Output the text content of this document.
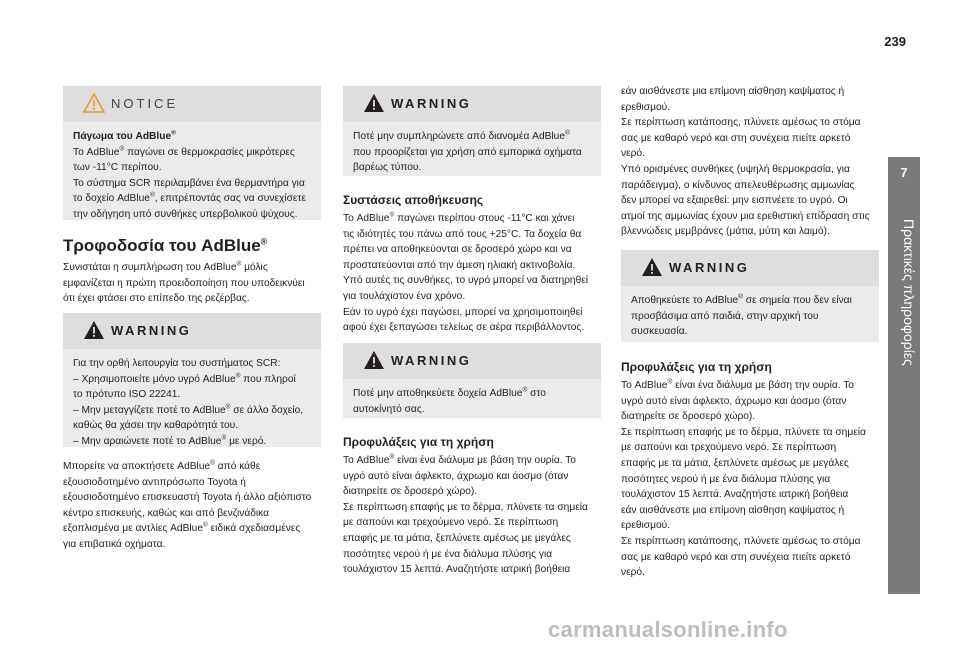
239
7
Πρακτικές πληροφορίες
NOTICE

Πάγωμα του AdBlue®

Το AdBlue® παγώνει σε θερμοκρασίες μικρότερες
των -11°C περίπου.
Το σύστημα SCR περιλαμβάνει ένα θερμαντήρα για
το δοχείο AdBlue®, επιτρέποντάς σας να συνεχίσετε
την οδήγηση υπό συνθήκες υπερβολικού ψύχους.

Τροφοδοσία του AdBlue®

Συνιστάται η συμπλήρωση του AdBlue® μόλις
εμφανίζεται η πρώτη προειδοποίηση που υποδεικνύει
ότι έχει φτάσει στο επίπεδο της ρεζέρβας.

WARNING

Για την ορθή λειτουργία του συστήματος SCR:
– Χρησιμοποιείτε μόνο υγρό AdBlue® που πληροί
το πρότυπο ISO 22241.
– Μην μεταγγίζετε ποτέ το AdBlue® σε άλλο δοχείο,
καθώς θα χάσει την καθαρότητά του.
– Μην αραιώνετε ποτέ το AdBlue® με νερό.

Μπορείτε να αποκτήσετε AdBlue® από κάθε
εξουσιοδοτημένο αντιπρόσωπο Toyota ή
εξουσιοδοτημένο επισκευαστή Toyota ή άλλο αξιόπιστο
κέντρο επισκευής, καθώς και από βενζινάδικα
εξοπλισμένα με αντλίες AdBlue® ειδικά σχεδιασμένες
για επιβατικά οχήματα.

WARNING

Ποτέ μην συμπληρώνετε από διανομέα AdBlue®
που προορίζεται για χρήση από εμπορικά οχήματα
βαρέως τύπου.

Συστάσεις αποθήκευσης

Το AdBlue® παγώνει περίπου στους -11°C και χάνει
τις ιδιότητές του πάνω από τους +25°C. Τα δοχεία θα
πρέπει να αποθηκεύονται σε δροσερό χώρο και να
προστατεύονται από την άμεση ηλιακή ακτινοβολία.
Υπό αυτές τις συνθήκες, το υγρό μπορεί να διατηρηθεί
για τουλάχιστον ένα χρόνο.
Εάν το υγρό έχει παγώσει, μπορεί να χρησιμοποιηθεί
αφού έχει ξεπαγώσει τελείως σε αέρα περιβάλλοντος.

WARNING

Ποτέ μην αποθηκεύετε δοχεία AdBlue® στο
αυτοκίνητό σας.

Προφυλάξεις για τη χρήση

Το AdBlue® είναι ένα διάλυμα με βάση την ουρία. Το
υγρό αυτό είναι άφλεκτο, άχρωμο και άοσμο (όταν
διατηρείτε σε δροσερό χώρο).
Σε περίπτωση επαφής με το δέρμα, πλύνετε τα σημεία
με σαπούνι και τρεχούμενο νερό. Σε περίπτωση
επαφής με τα μάτια, ξεπλύνετε αμέσως με μεγάλες
ποσότητες νερού ή με ένα διάλυμα πλύσης για
τουλάχιστον 15 λεπτά. Αναζητήστε ιατρική βοήθεια

εάν αισθάνεστε μια επίμονη αίσθηση καψίματος ή
ερεθισμού.
Σε περίπτωση κατάποσης, πλύνετε αμέσως το στόμα
σας με καθαρό νερό και στη συνέχεια πιείτε αρκετό
νερό.
Υπό ορισμένες συνθήκες (υψηλή θερμοκρασία, για
παράδειγμα), ο κίνδυνος απελευθέρωσης αμμωνίας
δεν μπορεί να εξαιρεθεί: μην εισπνέετε το υγρό. Οι
ατμοί της αμμωνίας έχουν μια ερεθιστική επίδραση στις
βλεννώδεις μεμβράνες (μάτια, μύτη και λαιμό).

WARNING

Αποθηκεύετε το AdBlue® σε σημεία που δεν είναι
προσβάσιμα από παιδιά, στην αρχική του
συσκευασία.

Προφυλάξεις για τη χρήση

Το AdBlue® είναι ένα διάλυμα με βάση την ουρία. Το
υγρό αυτό είναι άφλεκτο, άχρωμο και άοσμο (όταν
διατηρείτε σε δροσερό χώρο).
Σε περίπτωση επαφής με το δέρμα, πλύνετε τα σημεία
με σαπούνι και τρεχούμενο νερό. Σε περίπτωση
επαφής με τα μάτια, ξεπλύνετε αμέσως με μεγάλες
ποσότητες νερού ή με ένα διάλυμα πλύσης για
τουλάχιστον 15 λεπτά. Αναζητήστε ιατρική βοήθεια
εάν αισθάνεστε μια επίμονη αίσθηση καψίματος ή
ερεθισμού.
Σε περίπτωση κατάποσης, πλύνετε αμέσως το στόμα
σας με καθαρό νερό και στη συνέχεια πιείτε αρκετό
νερό.

carmanualsonline.info
